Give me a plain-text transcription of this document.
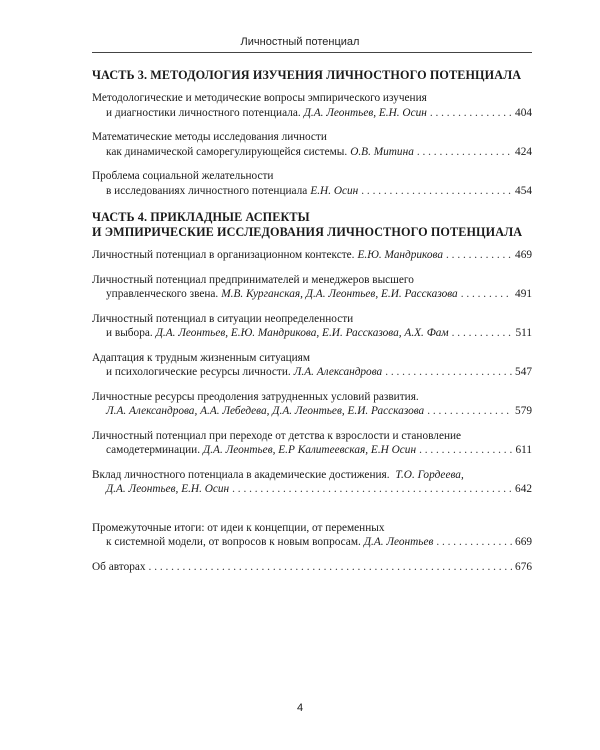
Личностный потенциал
ЧАСТЬ 3. МЕТОДОЛОГИЯ ИЗУЧЕНИЯ ЛИЧНОСТНОГО ПОТЕНЦИАЛА
Методологические и методические вопросы эмпирического изучения
и диагностики личностного потенциала. Д.А. Леонтьев, Е.Н. Осин . . .	404
Математические методы исследования личности
как динамической саморегулирующейся системы. О.В. Митина . . .	424
Проблема социальной желательности
в исследованиях личностного потенциала Е.Н. Осин . . .	454
ЧАСТЬ 4. ПРИКЛАДНЫЕ АСПЕКТЫ
И ЭМПИРИЧЕСКИЕ ИССЛЕДОВАНИЯ ЛИЧНОСТНОГО ПОТЕНЦИАЛА
Личностный потенциал в организационном контексте. Е.Ю. Мандрикова . . .	469
Личностный потенциал предпринимателей и менеджеров высшего
управленческого звена. М.В. Курганская, Д.А. Леонтьев, Е.И. Рассказова . . .	491
Личностный потенциал в ситуации неопределенности
и выбора. Д.А. Леонтьев, Е.Ю. Мандрикова, Е.И. Рассказова, А.Х. Фам . . .	511
Адаптация к трудным жизненным ситуациям
и психологические ресурсы личности. Л.А. Александрова . . .	547
Личностные ресурсы преодоления затрудненных условий развития.
Л.А. Александрова, А.А. Лебедева, Д.А. Леонтьев, Е.И. Рассказова . . .	579
Личностный потенциал при переходе от детства к взрослости и становление
самодетерминации. Д.А. Леонтьев, Е.Р Калитеевская, Е.Н Осин . . .	611
Вклад личностного потенциала в академические достижения. Т.О. Гордеева,
Д.А. Леонтьев, Е.Н. Осин . . .	642
Промежуточные итоги: от идеи к концепции, от переменных
к системной модели, от вопросов к новым вопросам. Д.А. Леонтьев . . .	669
Об авторах . . .	676
4
